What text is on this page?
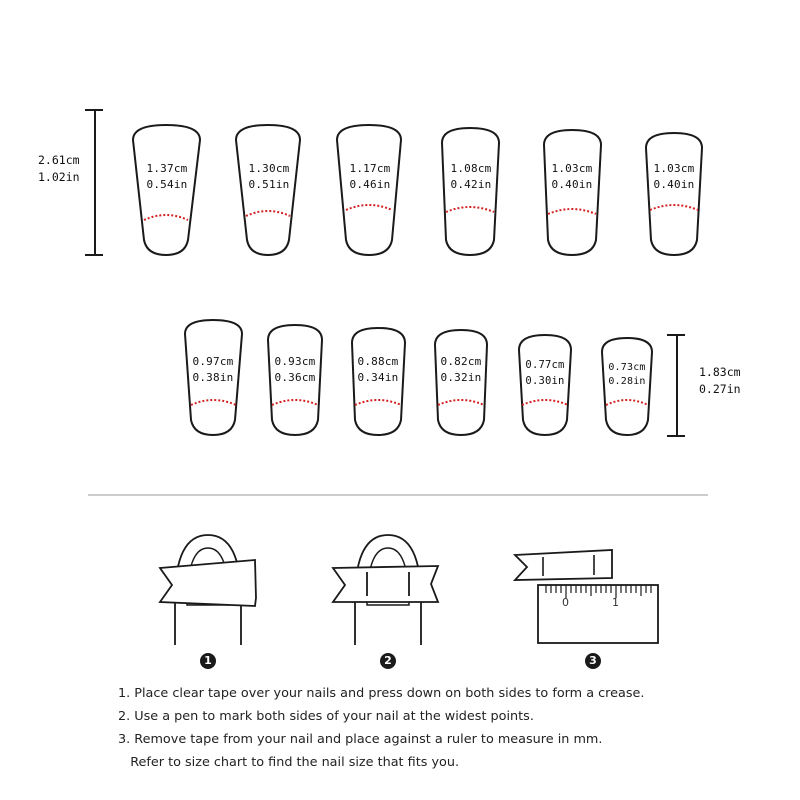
1.37cm
0.54in
1.30cm
0.51in
1.17cm
0.46in
1.08cm
0.42in
1.03cm
0.40in
1.03cm
0.40in
2.61cm
1.02in
0.97cm
0.38in
0.93cm
0.36cm
0.88cm
0.34in
0.82cm
0.32in
0.77cm
0.30in
0.73cm
0.28in
1.83cm
0.27in
0	1
1	2	3
1. Place clear tape over your nails and press down on both sides to form a crease.
2. Use a pen to mark both sides of your nail at the widest points.
3. Remove tape from your nail and place against a ruler to measure in mm.
Refer to size chart to find the nail size that fits you.
